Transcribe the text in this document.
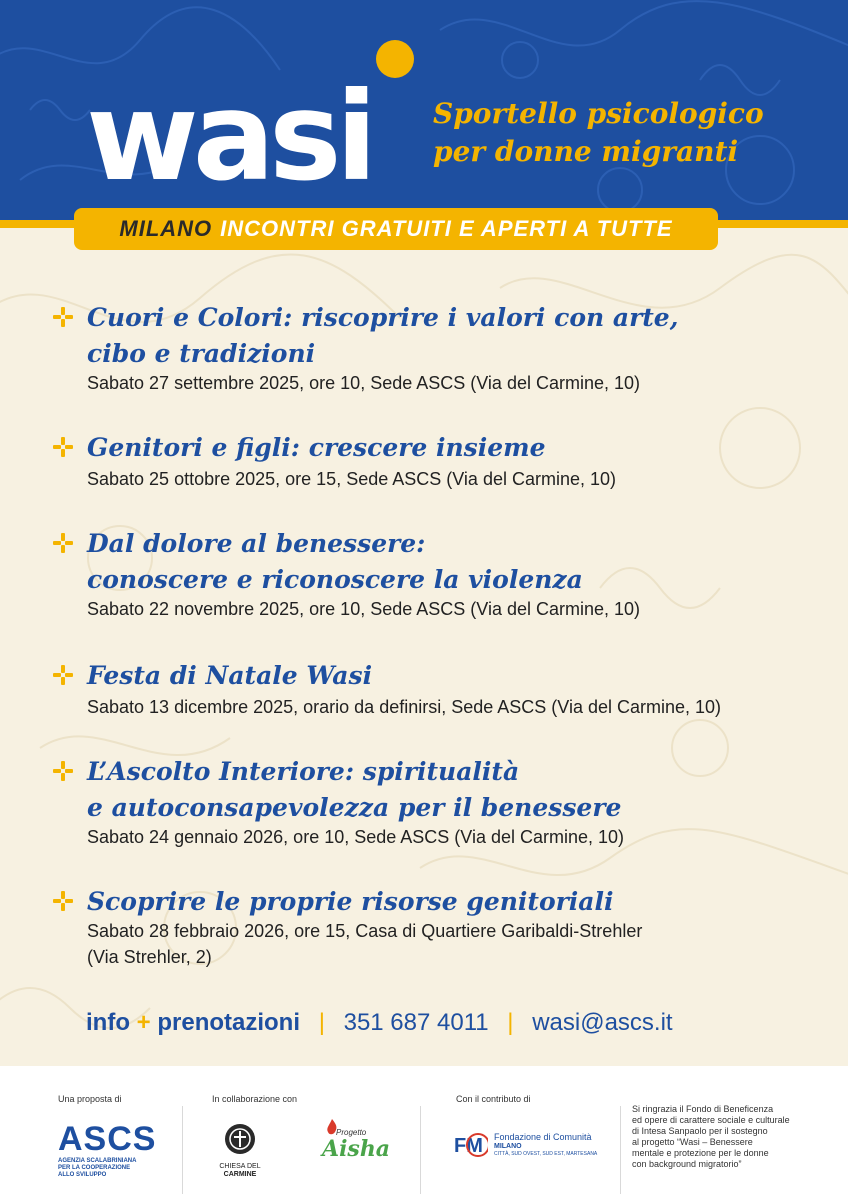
wasi Sportello psicologico
per donne migranti
MILANO INCONTRI GRATUITI E APERTI A TUTTE
Cuori e Colori: riscoprire i valori con arte,
cibo e tradizioni
Sabato 27 settembre 2025, ore 10, Sede ASCS (Via del Carmine, 10)
Genitori e figli: crescere insieme
Sabato 25 ottobre 2025, ore 15, Sede ASCS (Via del Carmine, 10)
Dal dolore al benessere:
conoscere e riconoscere la violenza
Sabato 22 novembre 2025, ore 10, Sede ASCS (Via del Carmine, 10)
Festa di Natale Wasi
Sabato 13 dicembre 2025, orario da definirsi, Sede ASCS (Via del Carmine, 10)
L’Ascolto Interiore: spiritualità
e autoconsapevolezza per il benessere
Sabato 24 gennaio 2026, ore 10, Sede ASCS (Via del Carmine, 10)
Scoprire le proprie risorse genitoriali
Sabato 28 febbraio 2026, ore 15, Casa di Quartiere Garibaldi-Strehler
(Via Strehler, 2)
info + prenotazioni | 351 687 4011 | wasi@ascs.it
Una proposta di	In collaborazione con	Con il contributo di
ASCS
AGENZIA SCALABRINIANA
PER LA COOPERAZIONE
ALLO SVILUPPO
CHIESA DEL
CARMINE
Progetto
Aisha	FM Fondazione di Comunità
MILANO
CITTÀ, SUD OVEST, SUD EST, MARTESANA
Si ringrazia il Fondo di Beneficenza
ed opere di carattere sociale e culturale
di Intesa Sanpaolo per il sostegno
al progetto “Wasi – Benessere
mentale e protezione per le donne
con background migratorio”
